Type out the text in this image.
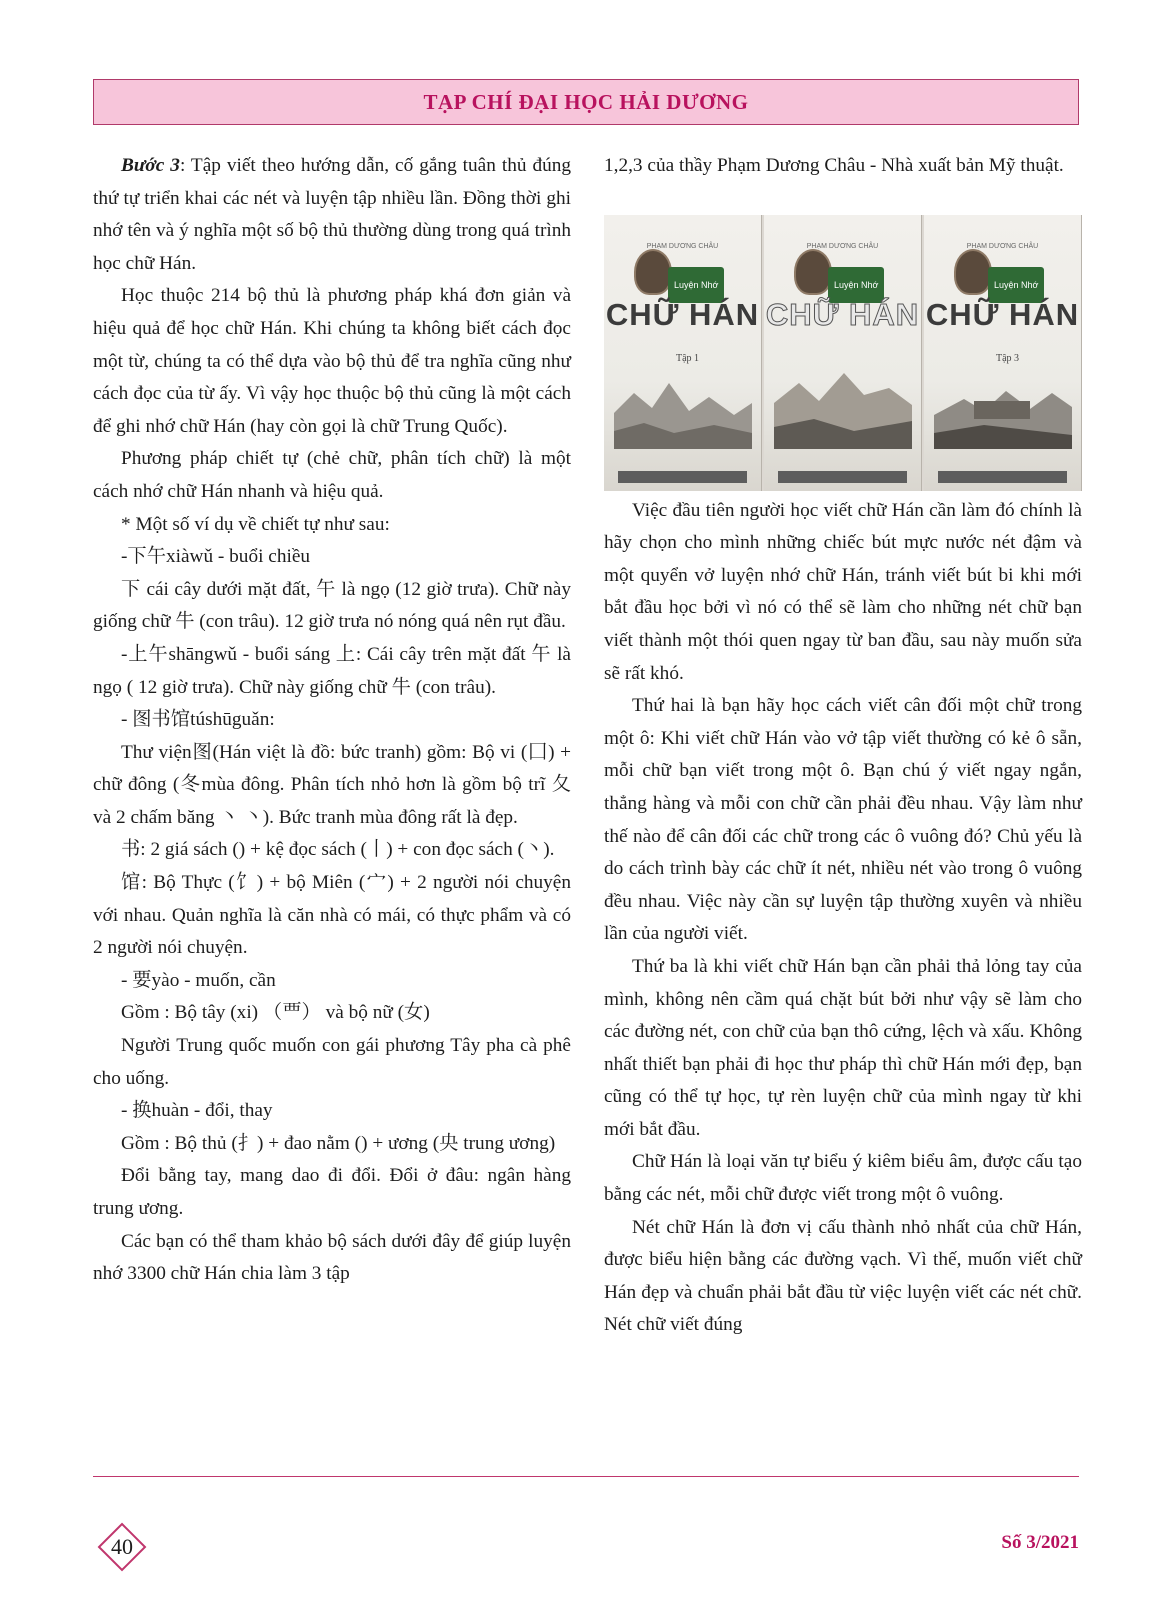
TẠP CHÍ ĐẠI HỌC HẢI DƯƠNG

Bước 3: Tập viết theo hướng dẫn, cố gắng tuân thủ đúng thứ tự triển khai các nét và luyện tập nhiều lần. Đồng thời ghi nhớ tên và ý nghĩa một số bộ thủ thường dùng trong quá trình học chữ Hán.

Học thuộc 214 bộ thủ là phương pháp khá đơn giản và hiệu quả để học chữ Hán. Khi chúng ta không biết cách đọc một từ, chúng ta có thể dựa vào bộ thủ để tra nghĩa cũng như cách đọc của từ ấy. Vì vậy học thuộc bộ thủ cũng là một cách để ghi nhớ chữ Hán (hay còn gọi là chữ Trung Quốc).

Phương pháp chiết tự (chẻ chữ, phân tích chữ) là một cách nhớ chữ Hán nhanh và hiệu quả.

* Một số ví dụ về chiết tự như sau:

-下午xiàwǔ - buổi chiều

下 cái cây dưới mặt đất, 午 là ngọ (12 giờ trưa). Chữ này giống chữ 牛 (con trâu). 12 giờ trưa nó nóng quá nên rụt đầu.

-上午shāngwǔ - buổi sáng 上: Cái cây trên mặt đất 午 là ngọ ( 12 giờ trưa). Chữ này giống chữ 牛 (con trâu).

- 图书馆túshūguǎn:

Thư viện图(Hán việt là đồ: bức tranh) gồm: Bộ vi (囗) + chữ đông (冬mùa đông. Phân tích nhỏ hơn là gồm bộ trĩ 夂 và 2 chấm băng 丶 丶). Bức tranh mùa đông rất là đẹp.

书: 2 giá sách () + kệ đọc sách (丨) + con đọc sách (丶).

馆: Bộ Thực (饣) + bộ Miên (宀) + 2 người nói chuyện với nhau. Quản nghĩa là căn nhà có mái, có thực phẩm và có 2 người nói chuyện.

- 要yào - muốn, cần

Gồm : Bộ tây (xi) （覀） và bộ nữ (女)

Người Trung quốc muốn con gái phương Tây pha cà phê cho uống.

- 换huàn - đổi, thay

Gồm : Bộ thủ (扌) + đao nằm () + ương (央 trung ương)

Đổi bằng tay, mang dao đi đổi. Đổi ở đâu: ngân hàng trung ương.

Các bạn có thể tham khảo bộ sách dưới đây để giúp luyện nhớ 3300 chữ Hán chia làm 3 tập

1,2,3 của thầy Phạm Dương Châu - Nhà xuất bản Mỹ thuật.

PHẠM DƯƠNG CHÂU
Luyện Nhớ
CHỮ HÁN
Tập 1
PHẠM DƯƠNG CHÂU
Luyện Nhớ
CHỮ HÁN
PHẠM DƯƠNG CHÂU
Luyện Nhớ
CHỮ HÁN
Tập 3

Việc đầu tiên người học viết chữ Hán cần làm đó chính là hãy chọn cho mình những chiếc bút mực nước nét đậm và một quyển vở luyện nhớ chữ Hán, tránh viết bút bi khi mới bắt đầu học bởi vì nó có thể sẽ làm cho những nét chữ bạn viết thành một thói quen ngay từ ban đầu, sau này muốn sửa sẽ rất khó.

Thứ hai là bạn hãy học cách viết cân đối một chữ trong một ô: Khi viết chữ Hán vào vở tập viết thường có kẻ ô sẵn, mỗi chữ bạn viết trong một ô. Bạn chú ý viết ngay ngắn, thẳng hàng và mỗi con chữ cần phải đều nhau. Vậy làm như thế nào để cân đối các chữ trong các ô vuông đó? Chủ yếu là do cách trình bày các chữ ít nét, nhiều nét vào trong ô vuông đều nhau. Việc này cần sự luyện tập thường xuyên và nhiều lần của người viết.

Thứ ba là khi viết chữ Hán bạn cần phải thả lỏng tay của mình, không nên cầm quá chặt bút bởi như vậy sẽ làm cho các đường nét, con chữ của bạn thô cứng, lệch và xấu. Không nhất thiết bạn phải đi học thư pháp thì chữ Hán mới đẹp, bạn cũng có thể tự học, tự rèn luyện chữ của mình ngay từ khi mới bắt đầu.

Chữ Hán là loại văn tự biểu ý kiêm biểu âm, được cấu tạo bằng các nét, mỗi chữ được viết trong một ô vuông.

Nét chữ Hán là đơn vị cấu thành nhỏ nhất của chữ Hán, được biểu hiện bằng các đường vạch. Vì thế, muốn viết chữ Hán đẹp và chuẩn phải bắt đầu từ việc luyện viết các nét chữ. Nét chữ viết đúng

40	Số 3/2021
